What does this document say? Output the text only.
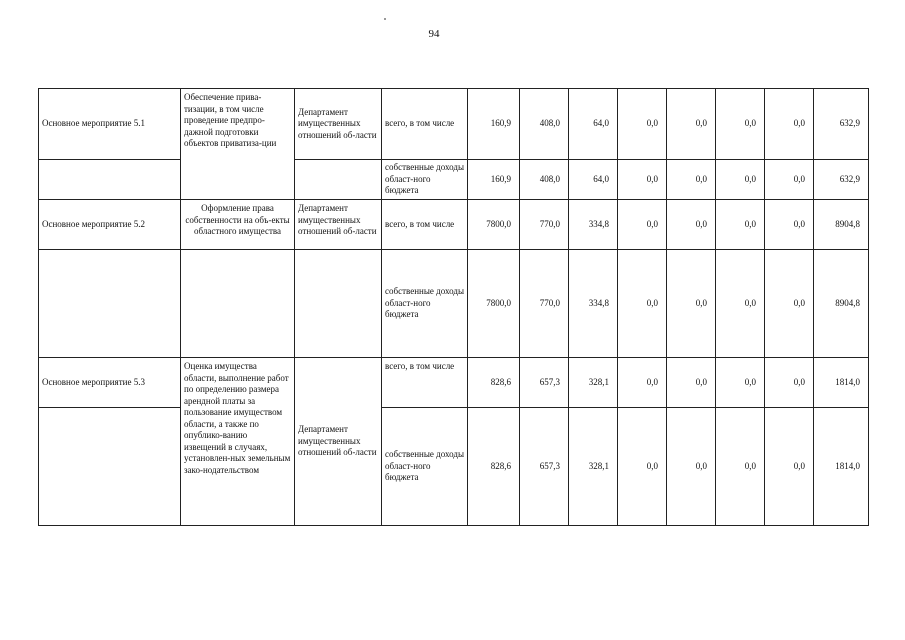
94
Основное мероприятие 5.1	Обеспечение прива-тизации, в том числе проведение предпро-дажной подготовки объектов приватиза-ции	Департамент имущественных отношений об-ласти	всего, в том числе	160,9	408,0	64,0	0,0	0,0	0,0	0,0	632,9
			собственные доходы област-ного бюджета	160,9	408,0	64,0	0,0	0,0	0,0	0,0	632,9
Основное мероприятие 5.2	Оформление права собственности на объ-екты областного имущества	Департамент имущественных отношений об-ласти	всего, в том числе	7800,0	770,0	334,8	0,0	0,0	0,0	0,0	8904,8
			собственные доходы област-ного бюджета	7800,0	770,0	334,8	0,0	0,0	0,0	0,0	8904,8
Основное мероприятие 5.3	Оценка имущества области, выполнение работ по определению размера арендной платы за пользование имуществом области, а также по опублико-ванию извещений в случаях, установлен-ных земельным зако-нодательством	Департамент имущественных отношений об-ласти	всего, в том числе	828,6	657,3	328,1	0,0	0,0	0,0	0,0	1814,0
			собственные доходы област-ного бюджета	828,6	657,3	328,1	0,0	0,0	0,0	0,0	1814,0
